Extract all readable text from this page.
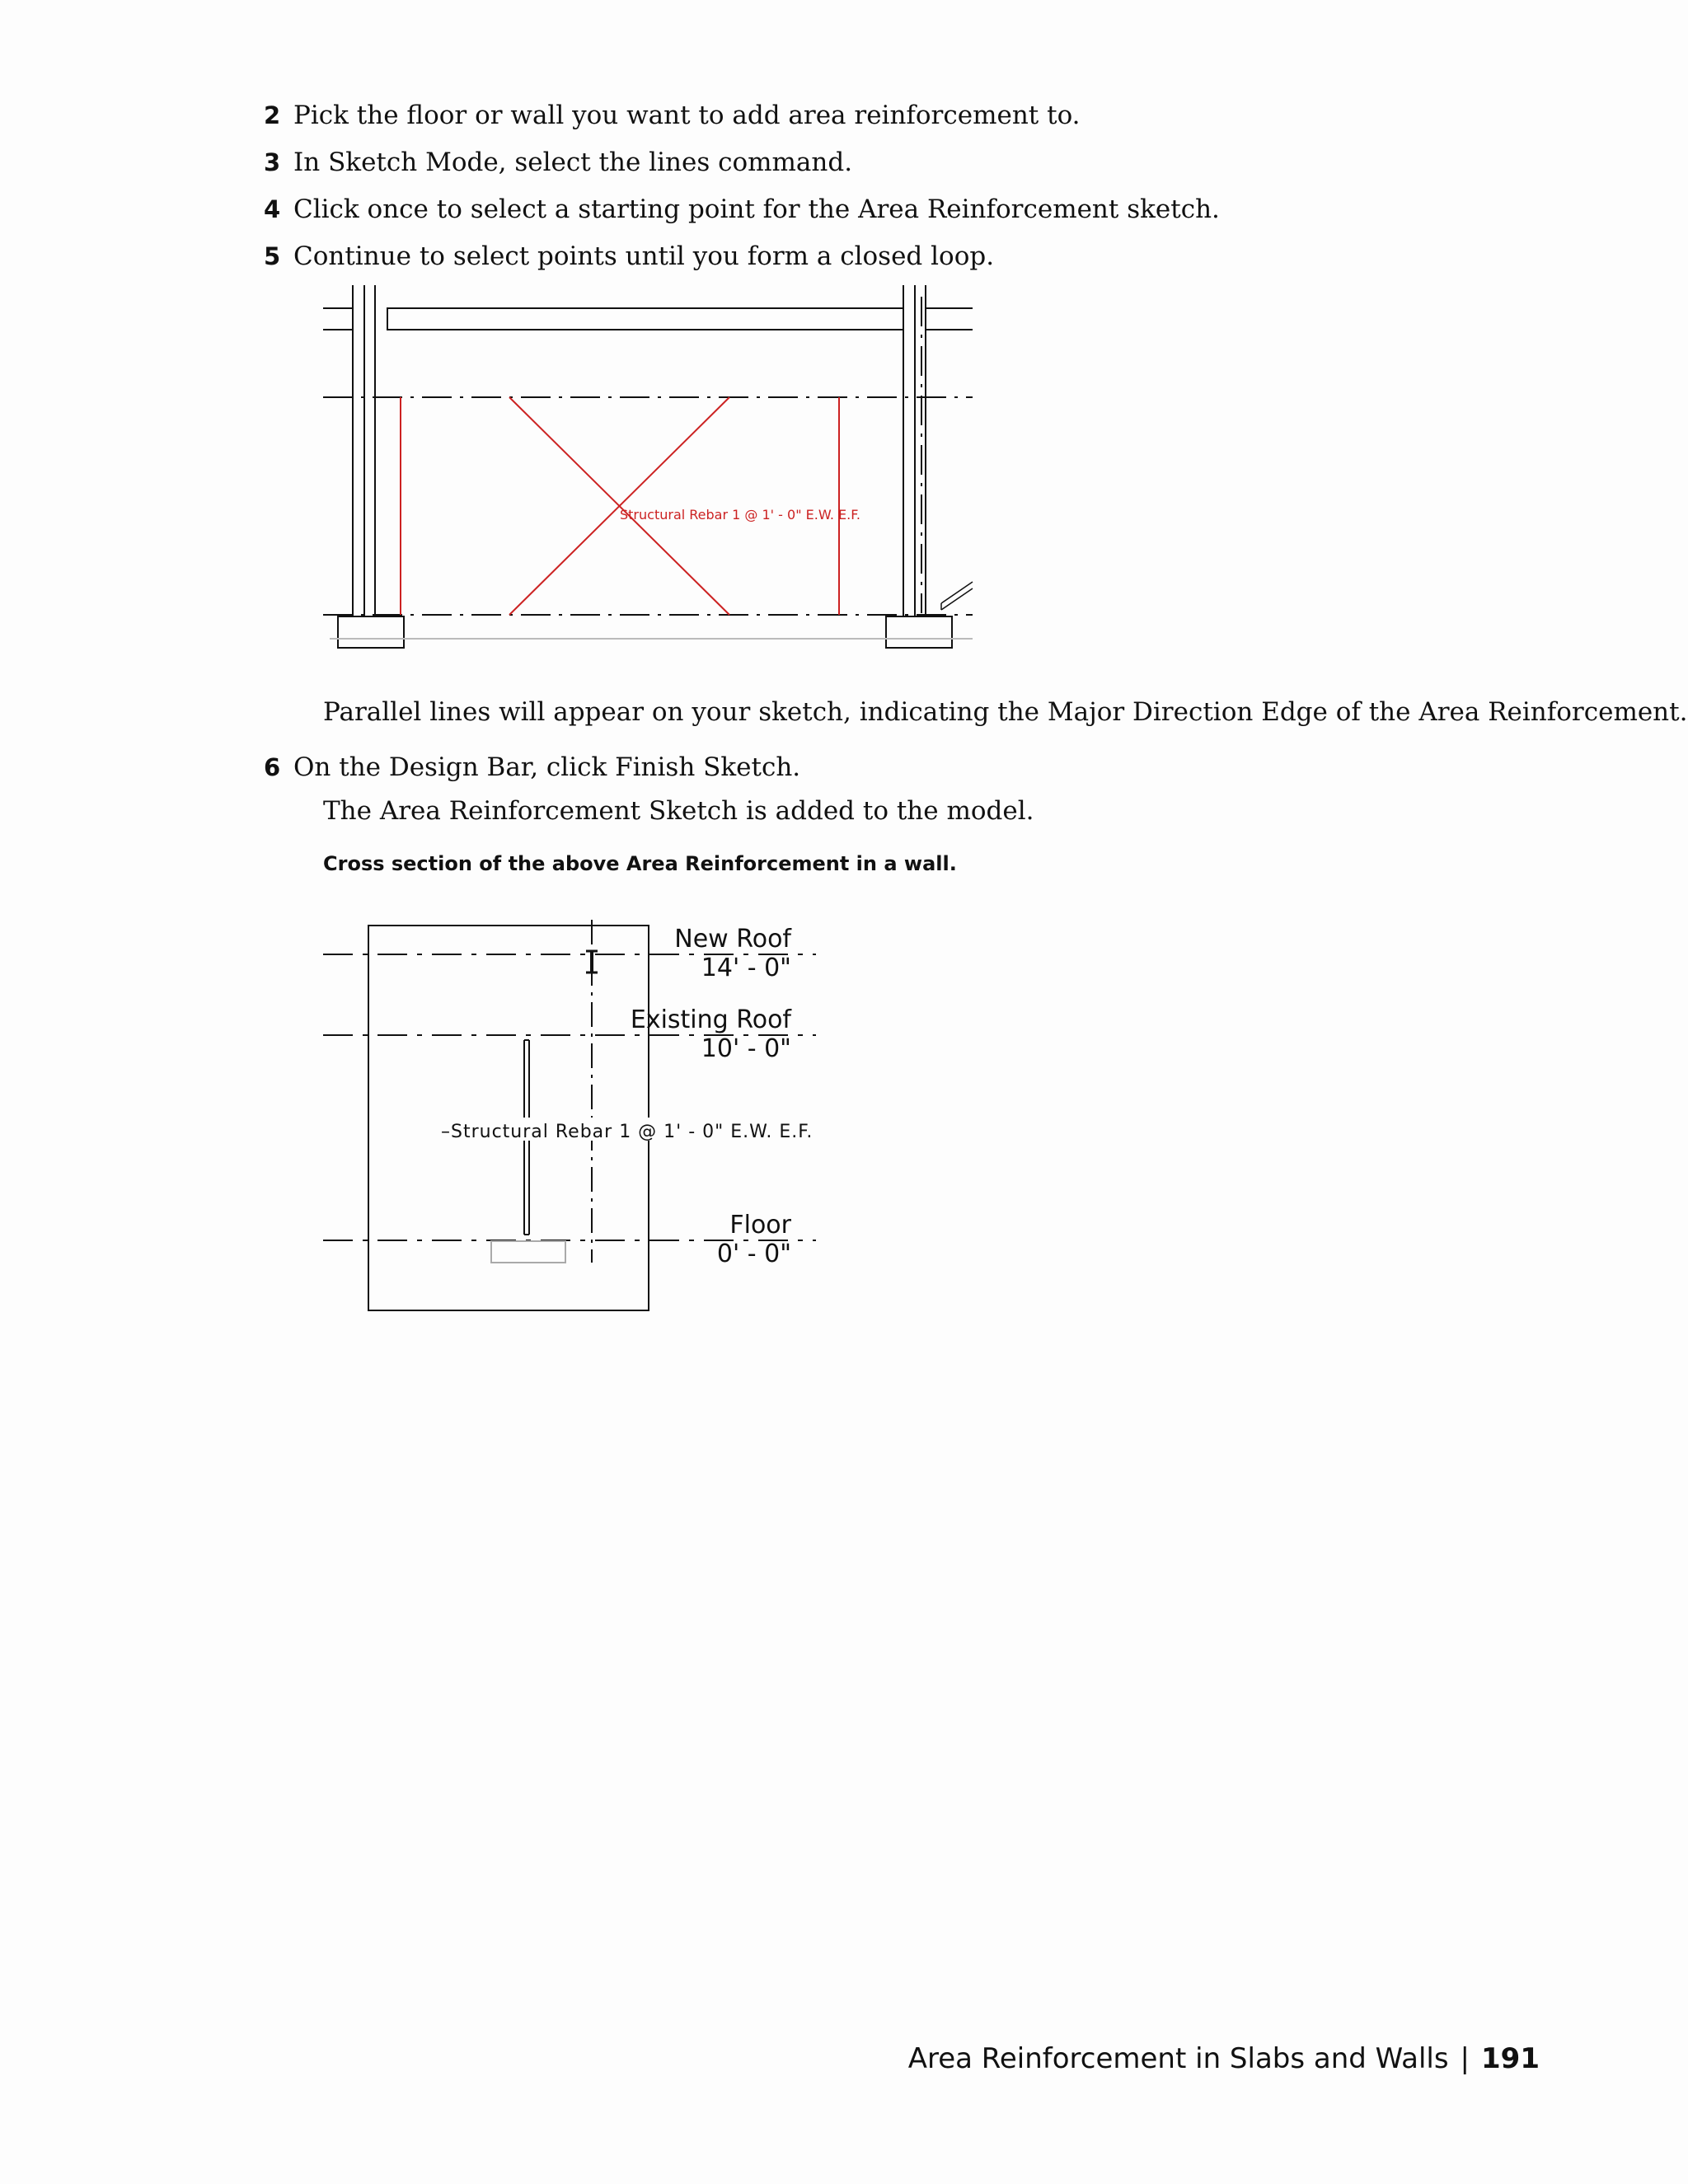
2 Pick the floor or wall you want to add area reinforcement to.
3 In Sketch Mode, select the lines command.
4 Click once to select a starting point for the Area Reinforcement sketch.
5 Continue to select points until you form a closed loop.
Structural Rebar 1 @ 1' - 0" E.W. E.F.
Parallel lines will appear on your sketch, indicating the Major Direction Edge of the Area Reinforcement.
6 On the Design Bar, click Finish Sketch.
The Area Reinforcement Sketch is added to the model.
Cross section of the above Area Reinforcement in a wall.
New Roof
14' - 0"
Existing Roof
10' - 0"
Floor
0' - 0"
–Structural Rebar 1 @ 1' - 0" E.W. E.F.
Area Reinforcement in Slabs and Walls | 191
